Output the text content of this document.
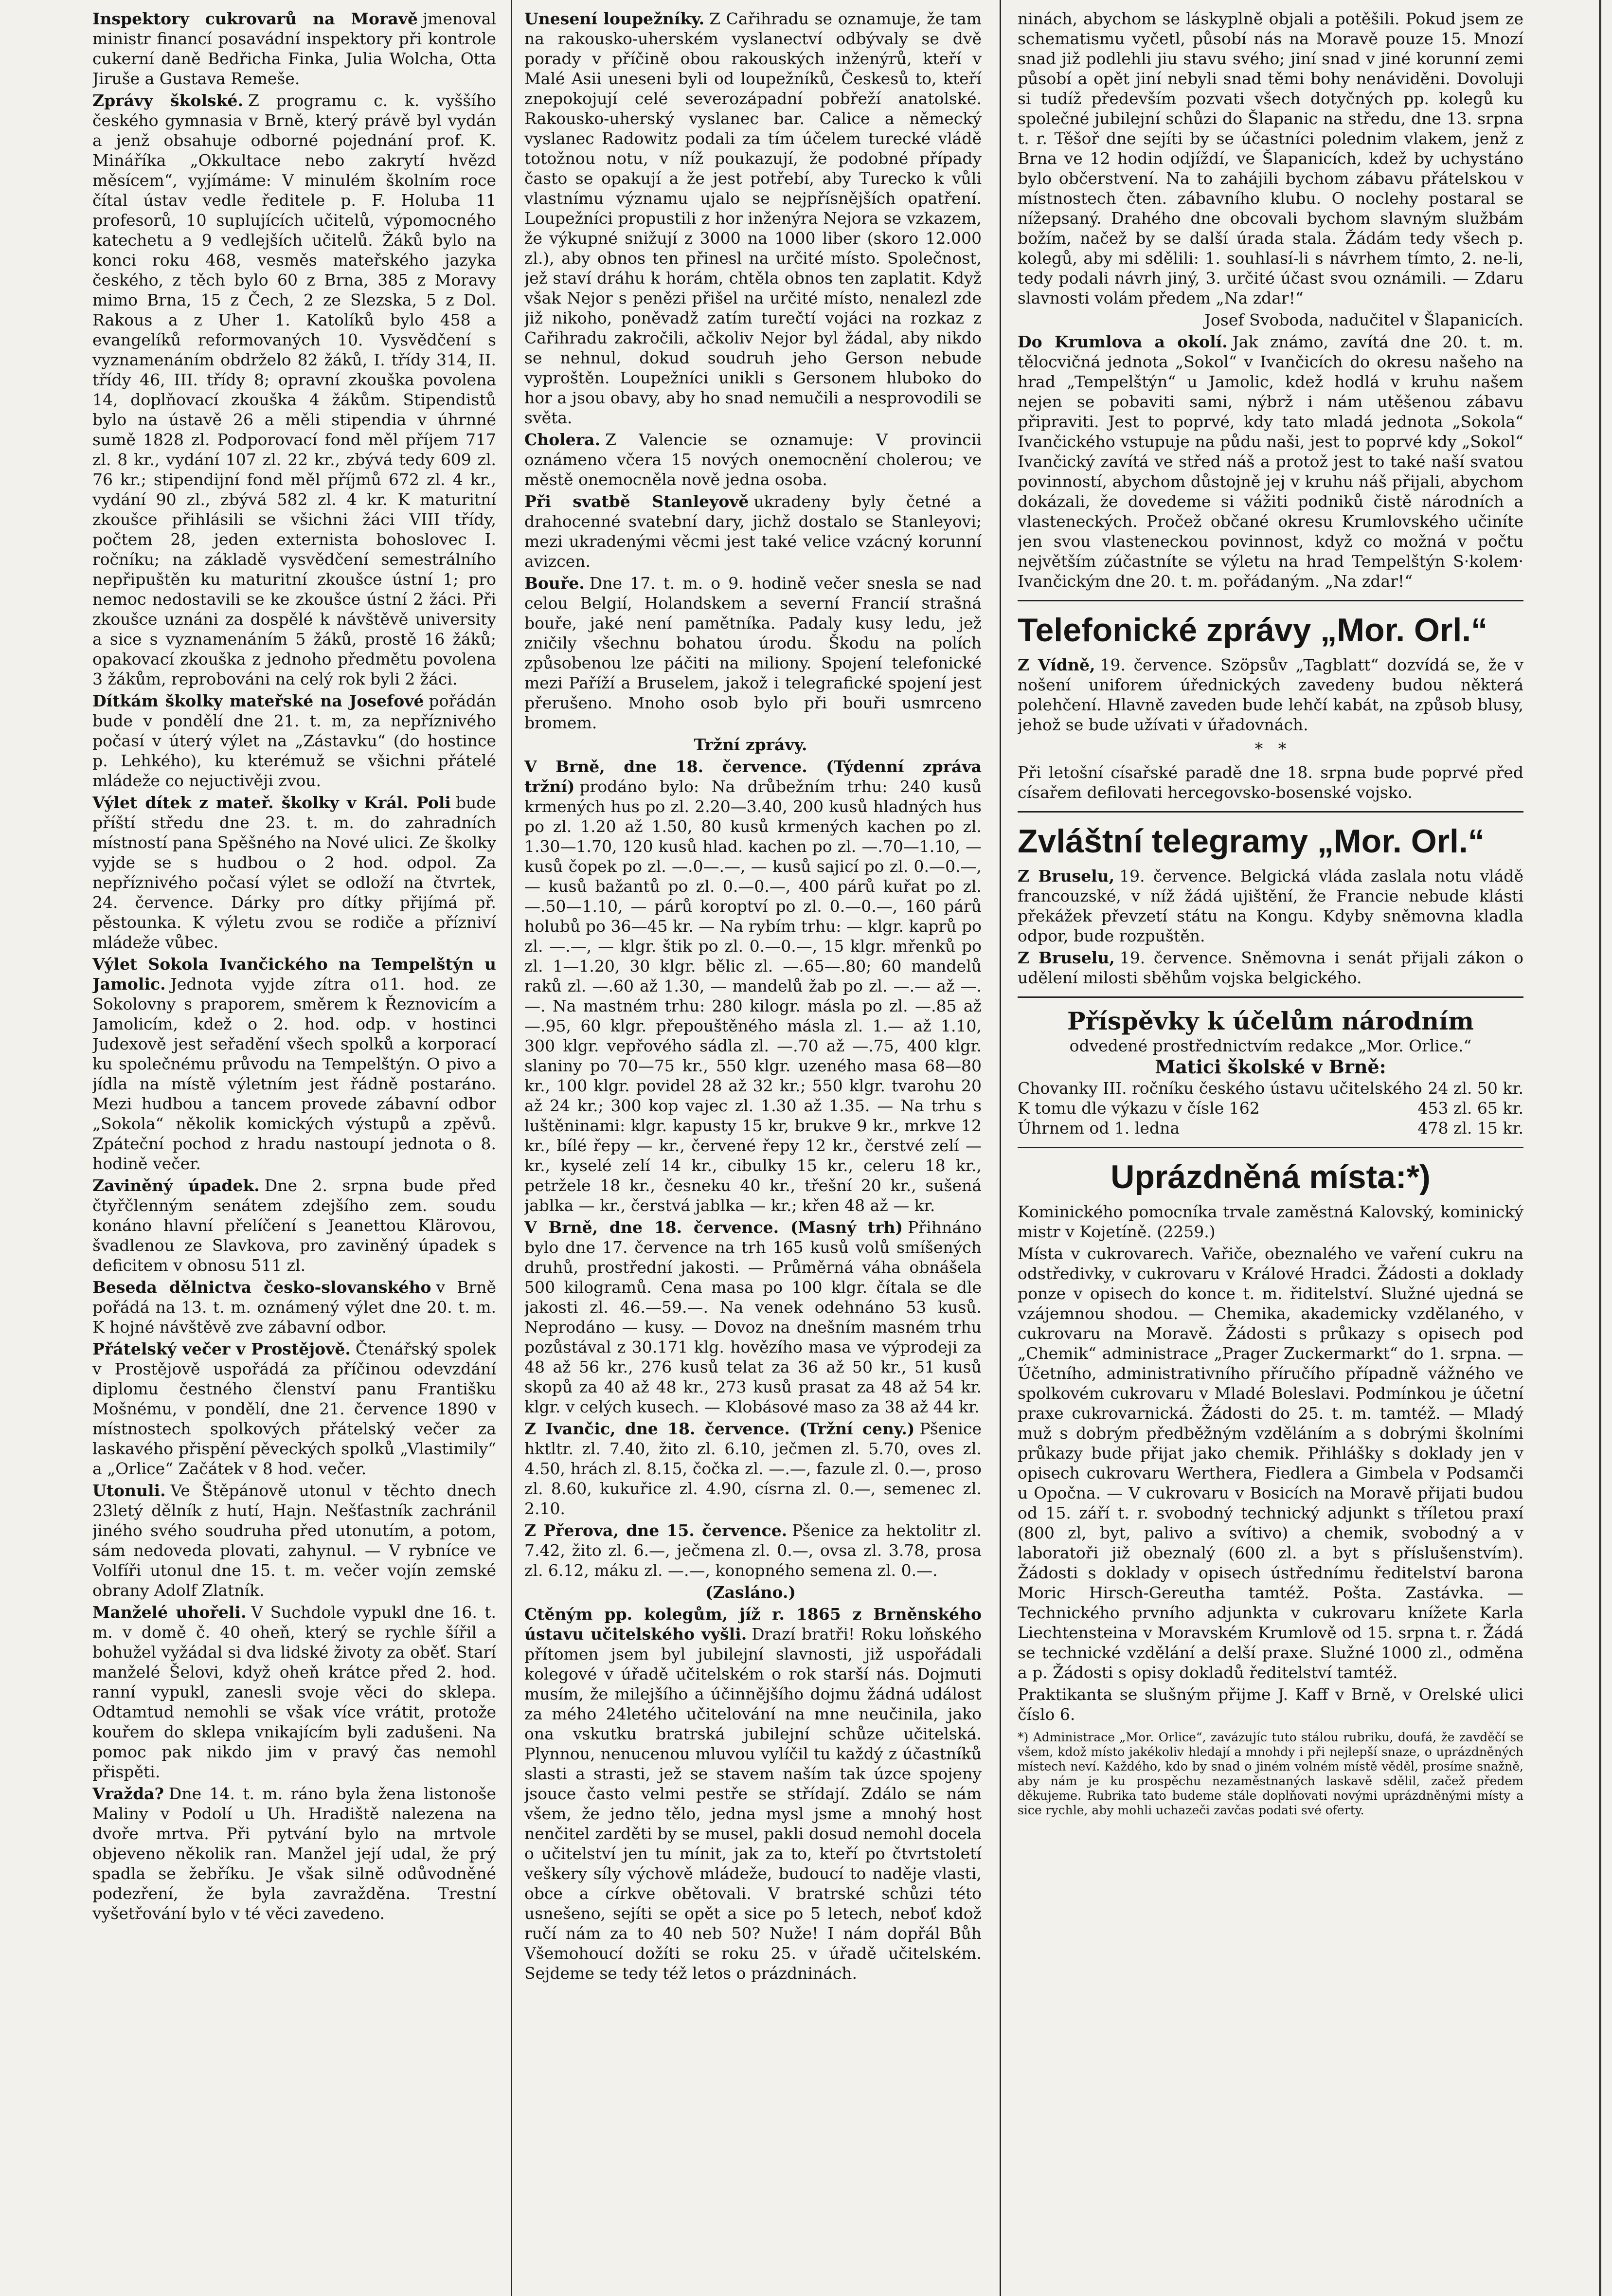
Inspektory cukrovarů na Moravě jmenoval ministr financí posavádní inspektory při kontrole cukerní daně Bedřicha Finka, Julia Wolcha, Otta Jiruše a Gustava Remeše.
Zprávy školské. Z programu c. k. vyššího českého gymnasia v Brně, který právě byl vydán a jenž obsahuje odborné pojednání prof. K. Mináříka „Okkultace nebo zakrytí hvězd měsícem“, vyjímáme: V minulém školním roce čítal ústav vedle ředitele p. F. Holuba 11 profesorů, 10 suplujících učitelů, výpomocného katechetu a 9 vedlejších učitelů. Žáků bylo na konci roku 468, vesměs mateřského jazyka českého, z těch bylo 60 z Brna, 385 z Moravy mimo Brna, 15 z Čech, 2 ze Slezska, 5 z Dol. Rakous a z Uher 1. Katolíků bylo 458 a evangelíků reformovaných 10. Vysvědčení s vyznamenáním obdrželo 82 žáků, I. třídy 314, II. třídy 46, III. třídy 8; opravní zkouška povolena 14, doplňovací zkouška 4 žákům. Stipendistů bylo na ústavě 26 a měli stipendia v úhrnné sumě 1828 zl. Podporovací fond měl příjem 717 zl. 8 kr., vydání 107 zl. 22 kr., zbývá tedy 609 zl. 76 kr.; stipendijní fond měl příjmů 672 zl. 4 kr., vydání 90 zl., zbývá 582 zl. 4 kr. K maturitní zkoušce přihlásili se všichni žáci VIII třídy, počtem 28, jeden externista bohoslovec I. ročníku; na základě vysvědčení semestrálního nepřipuštěn ku maturitní zkoušce ústní 1; pro nemoc nedostavili se ke zkoušce ústní 2 žáci. Při zkoušce uznáni za dospělé k návštěvě university a sice s vyznamenáním 5 žáků, prostě 16 žáků; opakovací zkouška z jednoho předmětu povolena 3 žákům, reprobováni na celý rok byli 2 žáci.
Dítkám školky mateřské na Josefové pořádán bude v pondělí dne 21. t. m, za nepříznivého počasí v úterý výlet na „Zástavku“ (do hostince p. Lehkého), ku kterémuž se všichni přátelé mládeže co nejuctivěji zvou.
Výlet dítek z mateř. školky v Král. Poli bude příští středu dne 23. t. m. do zahradních místností pana Spěšného na Nové ulici. Ze školky vyjde se s hudbou o 2 hod. odpol. Za nepříznivého počasí výlet se odloží na čtvrtek, 24. července. Dárky pro dítky přijímá př. pěstounka. K výletu zvou se rodiče a přízniví mládeže vůbec.
Výlet Sokola Ivančického na Tempelštýn u Jamolic. Jednota vyjde zítra o11. hod. ze Sokolovny s praporem, směrem k Řeznovicím a Jamolicím, kdež o 2. hod. odp. v hostinci Judexově jest seřadění všech spolků a korporací ku společnému průvodu na Tempelštýn. O pivo a jídla na místě výletním jest řádně postaráno. Mezi hudbou a tancem provede zábavní odbor „Sokola“ několik komických výstupů a zpěvů. Zpáteční pochod z hradu nastoupí jednota o 8. hodině večer.
Zaviněný úpadek. Dne 2. srpna bude před čtyřčlenným senátem zdejšího zem. soudu konáno hlavní přelíčení s Jeanettou Klärovou, švadlenou ze Slavkova, pro zaviněný úpadek s deficitem v obnosu 511 zl.
Beseda dělnictva česko-slovanského v Brně pořádá na 13. t. m. oznámený výlet dne 20. t. m. K hojné návštěvě zve zábavní odbor.
Přátelský večer v Prostějově. Čtenářský spolek v Prostějově uspořádá za příčinou odevzdání diplomu čestného členství panu Františku Mošnému, v pondělí, dne 21. července 1890 v místnostech spolkových přátelský večer za laskavého přispění pěveckých spolků „Vlastimily“ a „Orlice“ Začátek v 8 hod. večer.
Utonuli. Ve Štěpánově utonul v těchto dnech 23letý dělník z hutí, Hajn. Nešťastník zachránil jiného svého soudruha před utonutím, a potom, sám nedoveda plovati, zahynul. — V rybníce ve Volfíři utonul dne 15. t. m. večer vojín zemské obrany Adolf Zlatník.
Manželé uhořeli. V Suchdole vypukl dne 16. t. m. v domě č. 40 oheň, který se rychle šířil a bohužel vyžádal si dva lidské životy za oběť. Starí manželé Šelovi, když oheň krátce před 2. hod. ranní vypukl, zanesli svoje věci do sklepa. Odtamtud nemohli se však více vrátit, protože kouřem do sklepa vnikajícím byli zadušeni. Na pomoc pak nikdo jim v pravý čas nemohl přispěti.
Vražda? Dne 14. t. m. ráno byla žena listonoše Maliny v Podolí u Uh. Hradiště nalezena na dvoře mrtva. Při pytvání bylo na mrtvole objeveno několik ran. Manžel její udal, že prý spadla se žebříku. Je však silně odůvodněné podezření, že byla zavražděna. Trestní vyšetřování bylo v té věci zavedeno.
Unesení loupežníky. Z Cařihradu se oznamuje, že tam na rakousko-uherském vyslanectví odbývaly se dvě porady v příčině obou rakouských inženýrů, kteří v Malé Asii uneseni byli od loupežníků, Českesů to, kteří znepokojují celé severozápadní pobřeží anatolské. Rakousko-uherský vyslanec bar. Calice a německý vyslanec Radowitz podali za tím účelem turecké vládě totožnou notu, v níž poukazují, že podobné případy často se opakují a že jest potřebí, aby Turecko k vůli vlastnímu významu ujalo se nejpřísnějších opatření. Loupežníci propustili z hor inženýra Nejora se vzkazem, že výkupné snižují z 3000 na 1000 liber (skoro 12.000 zl.), aby obnos ten přinesl na určité místo. Společnost, jež staví dráhu k horám, chtěla obnos ten zaplatit. Když však Nejor s penězi přišel na určité místo, nenalezl zde již nikoho, poněvadž zatím turečtí vojáci na rozkaz z Cařihradu zakročili, ačkoliv Nejor byl žádal, aby nikdo se nehnul, dokud soudruh jeho Gerson nebude vyproštěn. Loupežníci unikli s Gersonem hluboko do hor a jsou obavy, aby ho snad nemučili a nesprovodili se světa.
Cholera. Z Valencie se oznamuje: V provincii oznámeno včera 15 nových onemocnění cholerou; ve městě onemocněla nově jedna osoba.
Při svatbě Stanleyově ukradeny byly četné a drahocenné svatební dary, jichž dostalo se Stanleyovi; mezi ukradenými věcmi jest také velice vzácný korunní avizcen.
Bouře. Dne 17. t. m. o 9. hodině večer snesla se nad celou Belgií, Holandskem a severní Francií strašná bouře, jaké není pamětníka. Padaly kusy ledu, jež zničily všechnu bohatou úrodu. Škodu na polích způsobenou lze páčiti na miliony. Spojení telefonické mezi Paříží a Bruselem, jakož i telegrafické spojení jest přerušeno. Mnoho osob bylo při bouři usmrceno bromem.
Tržní zprávy.
V Brně, dne 18. července. (Týdenní zpráva tržní) prodáno bylo: Na drůbežním trhu: 240 kusů krmených hus po zl. 2.20—3.40, 200 kusů hladných hus po zl. 1.20 až 1.50, 80 kusů krmených kachen po zl. 1.30—1.70, 120 kusů hlad. kachen po zl. —.70—1.10, — kusů čopek po zl. —.0—.—, — kusů sajicí po zl. 0.—0.—, — kusů bažantů po zl. 0.—0.—, 400 párů kuřat po zl. —.50—1.10, — párů koroptví po zl. 0.—0.—, 160 párů holubů po 36—45 kr. — Na rybím trhu: — klgr. kaprů po zl. —.—, — klgr. štik po zl. 0.—0.—, 15 klgr. mřenků po zl. 1—1.20, 30 klgr. bělic zl. —.65—.80; 60 mandelů raků zl. —.60 až 1.30, — mandelů žab po zl. —.— až —.—. Na mastném trhu: 280 kilogr. másla po zl. —.85 až —.95, 60 klgr. přepouštěného másla zl. 1.— až 1.10, 300 klgr. vepřového sádla zl. —.70 až —.75, 400 klgr. slaniny po 70—75 kr., 550 klgr. uzeného masa 68—80 kr., 100 klgr. povidel 28 až 32 kr.; 550 klgr. tvarohu 20 až 24 kr.; 300 kop vajec zl. 1.30 až 1.35. — Na trhu s luštěninami: klgr. kapusty 15 kr, brukve 9 kr., mrkve 12 kr., bílé řepy — kr., červené řepy 12 kr., čerstvé zelí — kr., kyselé zelí 14 kr., cibulky 15 kr., celeru 18 kr., petržele 18 kr., česneku 40 kr., třešní 20 kr., sušená jablka — kr., čerstvá jablka — kr.; křen 48 až — kr.
V Brně, dne 18. července. (Masný trh) Přihnáno bylo dne 17. července na trh 165 kusů volů smíšených druhů, prostřední jakosti. — Průměrná váha obnášela 500 kilogramů. Cena masa po 100 klgr. čítala se dle jakosti zl. 46.—59.—. Na venek odehnáno 53 kusů. Neprodáno — kusy. — Dovoz na dnešním masném trhu pozůstával z 30.171 klg. hovězího masa ve výprodeji za 48 až 56 kr., 276 kusů telat za 36 až 50 kr., 51 kusů skopů za 40 až 48 kr., 273 kusů prasat za 48 až 54 kr. klgr. v celých kusech. — Klobásové maso za 38 až 44 kr.
Z Ivančic, dne 18. července. (Tržní ceny.) Pšenice hktltr. zl. 7.40, žito zl. 6.10, ječmen zl. 5.70, oves zl. 4.50, hrách zl. 8.15, čočka zl. —.—, fazule zl. 0.—, proso zl. 8.60, kukuřice zl. 4.90, císrna zl. 0.—, semenec zl. 2.10.
Z Přerova, dne 15. července. Pšenice za hektolitr zl. 7.42, žito zl. 6.—, ječmena zl. 0.—, ovsa zl. 3.78, prosa zl. 6.12, máku zl. —.—, konopného semena zl. 0.—.
(Zasláno.)
Ctěným pp. kolegům, jíž r. 1865 z Brněnského ústavu učitelského vyšli. Drazí bratři! Roku loňského přítomen jsem byl jubilejní slavnosti, již uspořádali kolegové v úřadě učitelském o rok starší nás. Dojmuti musím, že milejšího a účinnějšího dojmu žádná událost za mého 24letého učitelování na mne neučinila, jako ona vskutku bratrská jubilejní schůze učitelská. Plynnou, nenucenou mluvou vylíčil tu každý z účastníků slasti a strasti, jež se stavem naším tak úzce spojeny jsouce často velmi pestře se střídají. Zdálo se nám všem, že jedno tělo, jedna mysl jsme a mnohý host nenčitel zarděti by se musel, pakli dosud nemohl docela o učitelství jen tu mínit, jak za to, kteří po čtvrtstoletí veškery síly výchově mládeže, budoucí to naděje vlasti, obce a církve obětovali. V bratrské schůzi této usnešeno, sejíti se opět a sice po 5 letech, neboť kdož ručí nám za to 40 neb 50? Nuže! I nám dopřál Bůh Všemohoucí dožíti se roku 25. v úřadě učitelském. Sejdeme se tedy též letos o prázdninách.
ninách, abychom se láskyplně objali a potěšili. Pokud jsem ze schematismu vyčetl, působí nás na Moravě pouze 15. Mnozí snad již podlehli jiu stavu svého; jiní snad v jiné korunní zemi působí a opět jiní nebyli snad těmi bohy nenáviděni. Dovoluji si tudíž především pozvati všech dotyčných pp. kolegů ku společné jubilejní schůzi do Šlapanic na středu, dne 13. srpna t. r. Těšoř dne sejíti by se účastníci polednim vlakem, jenž z Brna ve 12 hodin odjíždí, ve Šlapanicích, kdež by uchystáno bylo občerstvení. Na to zahájili bychom zábavu přátelskou v místnostech čten. zábavního klubu. O noclehy postaral se nížepsaný. Drahého dne obcovali bychom slavným službám božím, načež by se další úrada stala. Žádám tedy všech p. kolegů, aby mi sdělili: 1. souhlasí-li s návrhem tímto, 2. ne-li, tedy podali návrh jiný, 3. určité účast svou oznámili. — Zdaru slavnosti volám předem „Na zdar!“
Josef Svoboda, nadučitel v Šlapanicích.
Do Krumlova a okolí. Jak známo, zavítá dne 20. t. m. tělocvičná jednota „Sokol“ v Ivančicích do okresu našeho na hrad „Tempelštýn“ u Jamolic, kdež hodlá v kruhu našem nejen se pobaviti sami, nýbrž i nám utěšenou zábavu připraviti. Jest to poprvé, kdy tato mladá jednota „Sokola“ Ivančického vstupuje na půdu naši, jest to poprvé kdy „Sokol“ Ivančický zavítá ve střed náš a protož jest to také naší svatou povinností, abychom důstojně jej v kruhu náš přijali, abychom dokázali, že dovedeme si vážiti podniků čistě národních a vlasteneckých. Pročež občané okresu Krumlovského učiníte jen svou vlasteneckou povinnost, když co možná v počtu největším zúčastníte se výletu na hrad Tempelštýn S·kolem· Ivančickým dne 20. t. m. pořádaným. „Na zdar!“
Telefonické zprávy „Mor. Orl.“
Z Vídně, 19. července. Szöpsův „Tagblatt“ dozvídá se, že v nošení uniforem úřednických zavedeny budou některá polehčení. Hlavně zaveden bude lehčí kabát, na způsob blusy, jehož se bude užívati v úřadovnách.
*   *
Při letošní císařské paradě dne 18. srpna bude poprvé před císařem defilovati hercegovsko-bosenské vojsko.
Zvláštní telegramy „Mor. Orl.“
Z Bruselu, 19. července. Belgická vláda zaslala notu vládě francouzské, v níž žádá ujištění, že Francie nebude klásti překážek převzetí státu na Kongu. Kdyby sněmovna kladla odpor, bude rozpuštěn.
Z Bruselu, 19. července. Sněmovna i senát přijali zákon o udělení milosti sběhům vojska belgického.
Příspěvky k účelům národním
odvedené prostřednictvím redakce „Mor. Orlice.“
Matici školské v Brně:
Chovanky III. ročníku českého ústavu učitelského 24 zl. 50 kr.
K tomu dle výkazu v čísle 162	453 zl. 65 kr.
Úhrnem od 1. ledna	478 zl. 15 kr.
Uprázdněná místa:*)
Kominického pomocníka trvale zaměstná Kalovský, kominický mistr v Kojetíně. (2259.)
Místa v cukrovarech. Vařiče, obeznalého ve vaření cukru na odstředivky, v cukrovaru v Králové Hradci. Žádosti a doklady ponze v opisech do konce t. m. řiditelství. Služné ujedná se vzájemnou shodou. — Chemika, akademicky vzdělaného, v cukrovaru na Moravě. Žádosti s průkazy s opisech pod „Chemik“ administrace „Prager Zuckermarkt“ do 1. srpna. — Účetního, administrativního příručího případně vážného ve spolkovém cukrovaru v Mladé Boleslavi. Podmínkou je účetní praxe cukrovarnická. Žádosti do 25. t. m. tamtéž. — Mladý muž s dobrým předběžným vzděláním a s dobrými školními průkazy bude přijat jako chemik. Přihlášky s doklady jen v opisech cukrovaru Werthera, Fiedlera a Gimbela v Podsamči u Opočna. — V cukrovaru v Bosicích na Moravě přijati budou od 15. září t. r. svobodný technický adjunkt s tříletou praxí (800 zl, byt, palivo a svítivo) a chemik, svobodný a v laboratoři již obeznalý (600 zl. a byt s příslušenstvím). Žádosti s doklady v opisech ústřednímu ředitelství barona Moric Hirsch-Gereutha tamtéž. Pošta. Zastávka. — Technického prvního adjunkta v cukrovaru knížete Karla Liechtensteina v Moravském Krumlově od 15. srpna t. r. Žádá se technické vzdělání a delší praxe. Služné 1000 zl., odměna a p. Žádosti s opisy dokladů ředitelství tamtéž.
Praktikanta se slušným přijme J. Kaff v Brně, v Orelské ulici číslo 6.
*) Administrace „Mor. Orlice“, zavázujíc tuto stálou rubriku, doufá, že zavděčí se všem, kdož místo jakékoliv hledají a mnohdy i při nejlepší snaze, o uprázdněných místech neví. Každého, kdo by snad o jiném volném místě věděl, prosíme snažně, aby nám je ku prospěchu nezaměstnaných laskavě sdělil, začež předem děkujeme. Rubrika tato budeme stále doplňovati novými uprázdněnými místy a sice rychle, aby mohli uchazeči zavčas podati své oferty.
